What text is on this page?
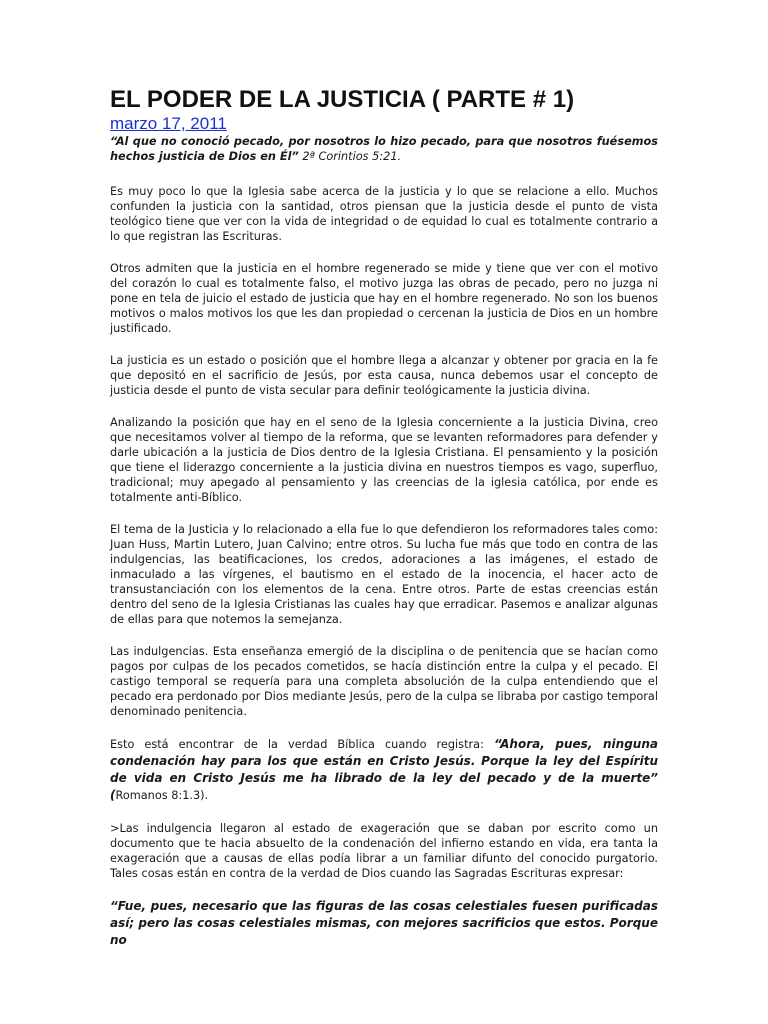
EL PODER DE LA JUSTICIA ( PARTE # 1)
marzo 17, 2011

“Al que no conoció pecado, por nosotros lo hizo pecado, para que nosotros fuésemos hechos justicia de Dios en Él” 2ª Corintios 5:21.

Es muy poco lo que la Iglesia sabe acerca de la justicia y lo que se relacione a ello. Muchos confunden la justicia con la santidad, otros piensan que la justicia desde el punto de vista teológico tiene que ver con la vida de integridad o de equidad lo cual es totalmente contrario a lo que registran las Escrituras.

Otros admiten que la justicia en el hombre regenerado se mide y tiene que ver con el motivo del corazón lo cual es totalmente falso, el motivo juzga las obras de pecado, pero no juzga ni pone en tela de juicio el estado de justicia que hay en el hombre regenerado. No son los buenos motivos o malos motivos los que les dan propiedad o cercenan la justicia de Dios en un hombre justificado.

La justicia es un estado o posición que el hombre llega a alcanzar y obtener por gracia en la fe que depositó en el sacrificio de Jesús, por esta causa, nunca debemos usar el concepto de justicia desde el punto de vista secular para definir teológicamente la justicia divina.

Analizando la posición que hay en el seno de la Iglesia concerniente a la justicia Divina, creo que necesitamos volver al tiempo de la reforma, que se levanten reformadores para defender y darle ubicación a la justicia de Dios dentro de la Iglesia Cristiana. El pensamiento y la posición que tiene el liderazgo concerniente a la justicia divina en nuestros tiempos es vago, superfluo, tradicional; muy apegado al pensamiento y las creencias de la iglesia católica, por ende es totalmente anti-Bíblico.

El tema de la Justicia y lo relacionado a ella fue lo que defendieron los reformadores tales como: Juan Huss, Martin Lutero, Juan Calvino; entre otros. Su lucha fue más que todo en contra de las indulgencias, las beatificaciones, los credos, adoraciones a las imágenes, el estado de inmaculado a las vírgenes, el bautismo en el estado de la inocencia, el hacer acto de transustanciación con los elementos de la cena. Entre otros. Parte de estas creencias están dentro del seno de la Iglesia Cristianas las cuales hay que erradicar. Pasemos e analizar algunas de ellas para que notemos la semejanza.

Las indulgencias. Esta enseñanza emergió de la disciplina o de penitencia que se hacían como pagos por culpas de los pecados cometidos, se hacía distinción entre la culpa y el pecado. El castigo temporal se requería para una completa absolución de la culpa entendiendo que el pecado era perdonado por Dios mediante Jesús, pero de la culpa se libraba por castigo temporal denominado penitencia.

Esto está encontrar de la verdad Bíblica cuando registra: “Ahora, pues, ninguna condenación hay para los que están en Cristo Jesús. Porque la ley del Espíritu de vida en Cristo Jesús me ha librado de la ley del pecado y de la muerte” (Romanos 8:1.3).

>Las indulgencia llegaron al estado de exageración que se daban por escrito como un documento que te hacia absuelto de la condenación del infierno estando en vida, era tanta la exageración que a causas de ellas podía librar a un familiar difunto del conocido purgatorio. Tales cosas están en contra de la verdad de Dios cuando las Sagradas Escrituras expresar:

“Fue, pues, necesario que las figuras de las cosas celestiales fuesen purificadas así; pero las cosas celestiales mismas, con mejores sacrificios que estos. Porque no
